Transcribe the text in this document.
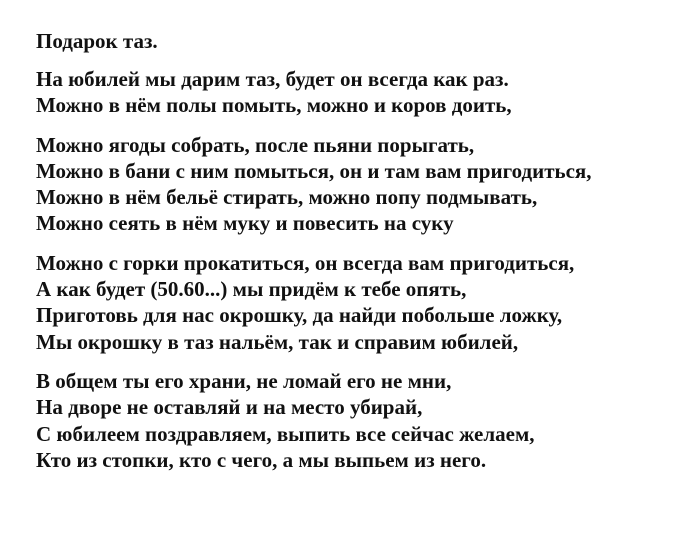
Подарок таз.
На юбилей мы дарим таз, будет он всегда как раз.
Можно в нём полы помыть, можно и коров доить,
Можно ягоды собрать, после пьяни порыгать,
Можно в бани с ним помыться, он и там вам пригодиться,
Можно в нём бельё стирать, можно попу подмывать,
Можно сеять в нём муку и повесить на суку
Можно с горки прокатиться, он всегда вам пригодиться,
А как будет (50.60...) мы придём к тебе опять,
Приготовь для нас окрошку, да найди побольше ложку,
Мы окрошку в таз нальём, так и справим юбилей,
В общем ты его храни, не ломай его не мни,
На дворе не оставляй и на место убирай,
С юбилеем поздравляем, выпить все сейчас желаем,
Кто из стопки, кто с чего, а мы выпьем из него.
